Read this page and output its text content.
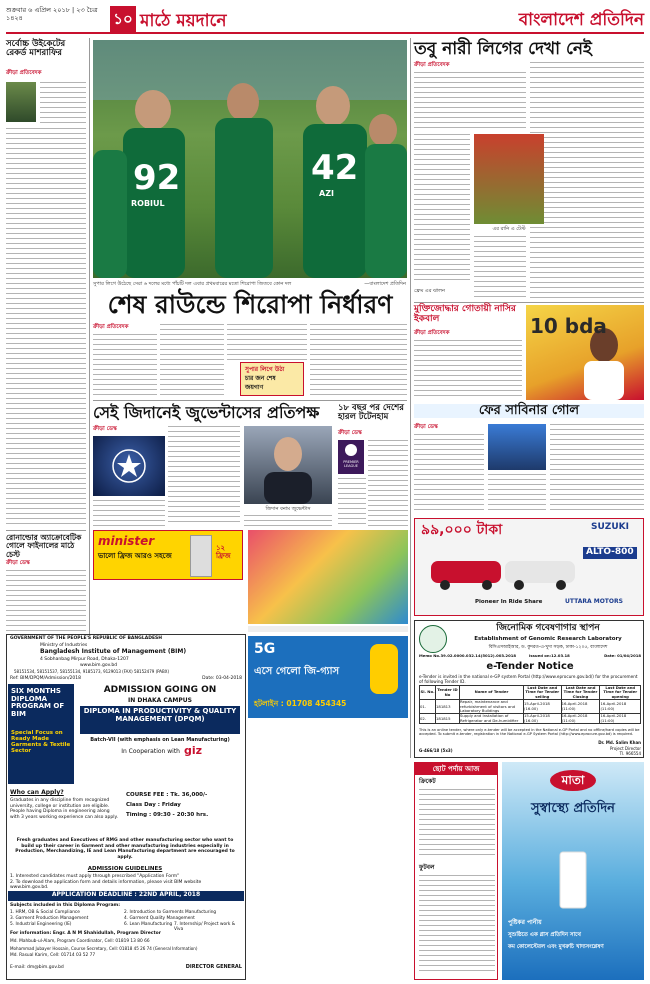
শুক্রবার ৬ এপ্রিল ২০১৮ | ২৩ চৈত্র ১৪২৪	১০ মাঠে ময়দানে	বাংলাদেশ প্রতিদিন
সর্বোচ্চ উইকেটের রেকর্ড মাশরাফির
ক্রীড়া প্রতিবেদক
রোনাল্ডোর অ্যাক্রোবেটিক গোলে ফাইনালের মাঠে চেস্ট
ক্রীড়া ডেস্ক
92
ROBIUL
42
AZI
সুপার লিগে উঠেছে সেরা ৬ দলের মধ্যে পাঁচটি দল এবার প্রথমবারের মতো শিরোপা জিতবে কোন দল	—বাংলাদেশ প্রতিদিন
শেষ রাউন্ডে শিরোপা নির্ধারণ
ক্রীড়া প্রতিবেদক
সুপার লিগে উঠা
চার জন শেষ
জয়গাণ
সেই জিদানেই জুভেন্টাসের প্রতিপক্ষ
ক্রীড়া ডেস্ক
জিদান বনাম জুভেন্টাস
১৮ বছর পর দেশের হারল টটেনহাম
ক্রীড়া ডেস্ক
PREMIER LEAGUE
minister
ভালো ফ্রিজ আরও সহজে
১২ ফ্রিজ
5G
এসে গেলো জি-গ্যাস
হটলাইন : 01708 454345
GOVERNMENT OF THE PEOPLE'S REPUBLIC OF BANGLADESH
Ministry of Industries
Bangladesh Institute of Management (BIM)
4 Sobhanbag Mirpur Road, Dhaka-1207
www.bim.gov.bd
58151534, 58151537, 58155134, 9185173, 9129013 (FAX) 58152479 (PABX)
Ref: BIM/DPQM/Admission/2018	Date: 03-04-2018
SIX MONTHS DIPLOMA PROGRAM OF BIM
Special Focus on Ready Made Garments & Textile Sector
ADMISSION GOING ON
IN DHAKA CAMPUS
DIPLOMA IN PRODUCTIVITY & QUALITY MANAGEMENT (DPQM)
Batch-VII (with emphasis on Lean Manufacturing)
In Cooperation with giz
Who can Apply?
Graduates in any discipline from recognized university, college or institution are eligible. People having Diploma in engineering along with 3 years working experience can also apply.
COURSE FEE : Tk. 36,000/-
Class Day : Friday
Timing : 09:30 - 20:30 hrs.
Fresh graduates and Executives of RMG and other manufacturing sector who want to build up their career in Garment and other manufacturing industries especially in Production, Merchandizing, IE and Lean Manufacturing department are encouraged to apply.
ADMISSION GUIDELINES
1. Interested candidates must apply through prescribed "Application Form"
2. To download the application form and details information, please visit BIM website www.bim.gov.bd.
APPLICATION DEADLINE : 22ND APRIL, 2018
Subjects included in this Diploma Program:
1. HRM, OB & Social Compliance	2. Introduction to Garments Manufacturing
3. Garment Production Management	4. Garment Quality Management
5. Industrial Engineering (IE)	6. Lean Manufacturing 7. Internship/ Project work & Viva
For information: Engr. A N M Shahidullah, Program Director
Md. Mahbub-ul-Alam, Program Coordinator, Cell: 01819 13 80 66
Mohammad Jubayer Hossain, Course Secretary, Cell: 01818 45 26 74 (General Information)
Md. Rasual Karim, Cell: 01714 03 52 77
E-mail: dm@bim.gov.bd	DIRECTOR GENERAL
তবু নারী লিগের দেখা নেই
ক্রীড়া প্রতিবেদক
এর রানি এ টেস্ট
ফ্রেম এর ঝালন
মুক্তিজোদ্ধার গোতায়ী নাসির ইকবাল
ক্রীড়া প্রতিবেদক	10 bda
ফের সাবিনার গোল
ক্রীড়া ডেস্ক
৯৯,০০০ টাকা	SUZUKI
ALTO-800
Pioneer In Ride Share	UTTARA MOTORS
জিনোমিক গবেষণাগার স্থাপন
Establishment of Genomic Research Laboratory
বিসিএসআইআর, ড. কুদরত-এ-খুদা সড়ক, ঢাকা-১২০৫, বাংলাদেশ
Memo No.39.02.0000.032.14(5012).003.2018	Issued on:12.03.18	Date: 01/04/2018
e-Tender Notice
e-Tender is invited in the national e-GP system Portal (http://www.eprocure.gov.bd/) for the procurement of following Tender ID.
Sl. No.	Tender ID No	Name of Tender	Last Date and Time for Tender selling	Last Date and Time for Tender Closing	Last Date and Time for Tender opening
01.	181813	Repair, maintenance and refurbishment of visitors and Laboratory Buildings	15-April-2018 (16.00)	16-April-2018 (11:00)	16-April-2018 (11:00)
02.	181815	Supply and Installation of Refrigerator and De-humidifier	15-April-2018 (16.00)	16-April-2018 (11:00)	16-April-2018 (11:00)
This is an online tender, where only e-tender will be accepted in the National e-GP Portal and no offline/hard copies will be accepted. To submit e-tender, registration in the National e-GP System Portal (http://www.eprocure.gov.bd) is required.
G-466/18 (5x3)
Dr. Md. Salim Khan
Project Director
Tl. 966554
ছোট পর্দায় আজ
ক্রিকেট
ফুটবল
মাতা
সুস্বাস্থ্যে প্রতিদিন
পুষ্টিকর পানীয়
সুশুষ্ঠিতে এক গ্লাস প্রতিদিন সাথে
কম কোলেস্টেরল এবং মুখরুচি খাদ্যসংশ্লেষণ
